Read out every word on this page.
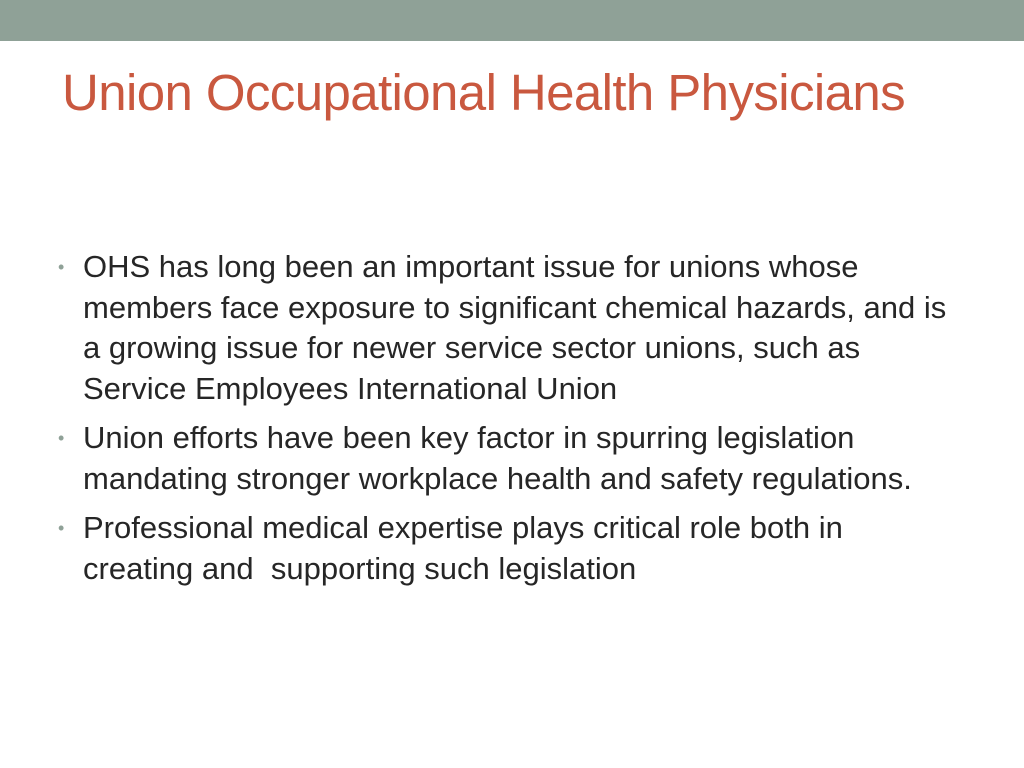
Union Occupational Health Physicians
• OHS has long been an important issue for unions whose members face exposure to significant chemical hazards, and is a growing issue for newer service sector unions, such as Service Employees International Union
• Union efforts have been key factor in spurring legislation mandating stronger workplace health and safety regulations.
• Professional medical expertise plays critical role both in creating and  supporting such legislation
